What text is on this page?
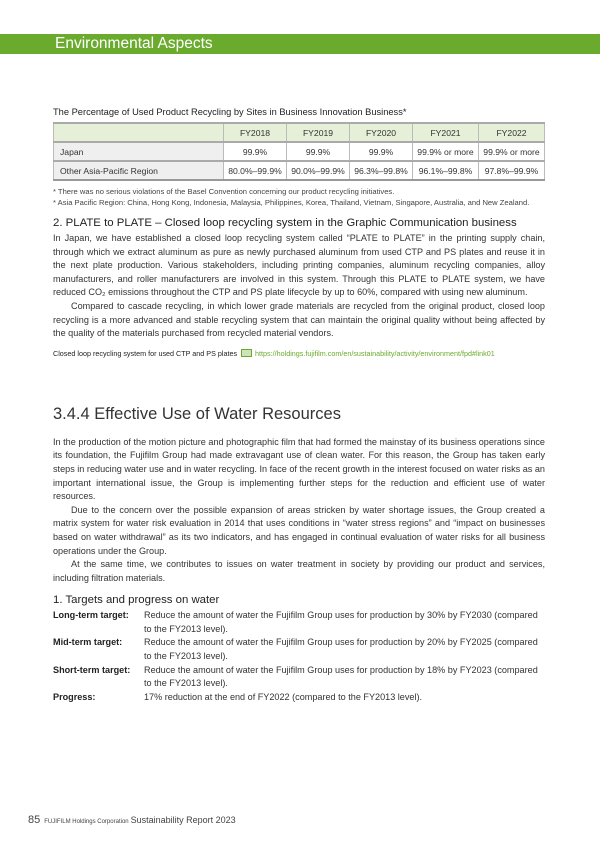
Environmental Aspects
The Percentage of Used Product Recycling by Sites in Business Innovation Business*
	FY2018	FY2019	FY2020	FY2021	FY2022
Japan	99.9%	99.9%	99.9%	99.9% or more	99.9% or more
Other Asia-Pacific Region	80.0%–99.9%	90.0%–99.9%	96.3%–99.8%	96.1%–99.8%	97.8%–99.9%
* There was no serious violations of the Basel Convention concerning our product recycling initiatives.
* Asia Pacific Region: China, Hong Kong, Indonesia, Malaysia, Philippines, Korea, Thailand, Vietnam, Singapore, Australia, and New Zealand.
2. PLATE to PLATE – Closed loop recycling system in the Graphic Communication business

In Japan, we have established a closed loop recycling system called “PLATE to PLATE” in the printing supply chain, through which we extract aluminum as pure as newly purchased aluminum from used CTP and PS plates and reuse it in the next plate production. Various stakeholders, including printing companies, aluminum recycling companies, alloy manufacturers, and roller manufacturers are involved in this system. Through this PLATE to PLATE system, we have reduced CO₂ emissions throughout the CTP and PS plate lifecycle by up to 60%, compared with using new aluminum.

Compared to cascade recycling, in which lower grade materials are recycled from the original product, closed loop recycling is a more advanced and stable recycling system that can maintain the original quality without being affected by the quality of the materials purchased from recycled material vendors.

Closed loop recycling system for used CTP and PS plates	https://holdings.fujifilm.com/en/sustainability/activity/environment/fpd#link01
3.4.4 Effective Use of Water Resources

In the production of the motion picture and photographic film that had formed the mainstay of its business operations since its foundation, the Fujifilm Group had made extravagant use of clean water. For this reason, the Group has taken early steps in reducing water use and in water recycling. In face of the recent growth in the interest focused on water risks as an important international issue, the Group is implementing further steps for the reduction and efficient use of water resources.

Due to the concern over the possible expansion of areas stricken by water shortage issues, the Group created a matrix system for water risk evaluation in 2014 that uses conditions in “water stress regions” and “impact on businesses based on water withdrawal” as its two indicators, and has engaged in continual evaluation of water risks for all business operations under the Group.

At the same time, we contributes to issues on water treatment in society by providing our product and services, including filtration materials.

1. Targets and progress on water
Long-term target:	Reduce the amount of water the Fujifilm Group uses for production by 30% by FY2030 (compared to the FY2013 level).
Mid-term target:	Reduce the amount of water the Fujifilm Group uses for production by 20% by FY2025 (compared to the FY2013 level).
Short-term target:	Reduce the amount of water the Fujifilm Group uses for production by 18% by FY2023 (compared to the FY2013 level).
Progress:	17% reduction at the end of FY2022 (compared to the FY2013 level).
85 FUJIFILM Holdings Corporation Sustainability Report 2023
